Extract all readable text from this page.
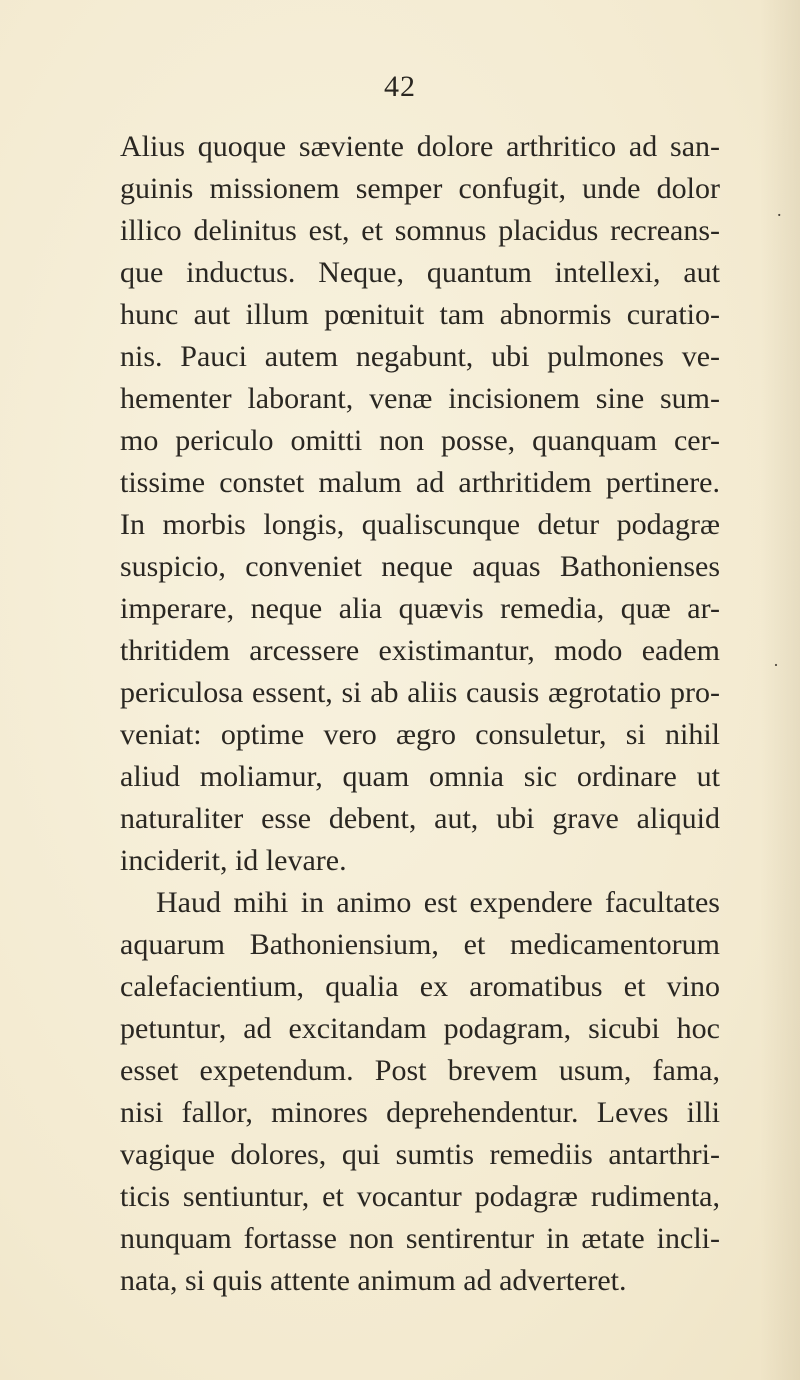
42
.
·
Alius quoque sæviente dolore arthritico ad san-
guinis missionem semper confugit, unde dolor
illico delinitus est, et somnus placidus recreans-
que inductus. Neque, quantum intellexi, aut
hunc aut illum pœnituit tam abnormis curatio-
nis. Pauci autem negabunt, ubi pulmones ve-
hementer laborant, venæ incisionem sine sum-
mo periculo omitti non posse, quanquam cer-
tissime constet malum ad arthritidem pertinere.
In morbis longis, qualiscunque detur podagræ
suspicio, conveniet neque aquas Bathonienses
imperare, neque alia quævis remedia, quæ ar-
thritidem arcessere existimantur, modo eadem
periculosa essent, si ab aliis causis ægrotatio pro-
veniat: optime vero ægro consuletur, si nihil
aliud moliamur, quam omnia sic ordinare ut
naturaliter esse debent, aut, ubi grave aliquid
inciderit, id levare.
Haud mihi in animo est expendere facultates
aquarum Bathoniensium, et medicamentorum
calefacientium, qualia ex aromatibus et vino
petuntur, ad excitandam podagram, sicubi hoc
esset expetendum. Post brevem usum, fama,
nisi fallor, minores deprehendentur. Leves illi
vagique dolores, qui sumtis remediis antarthri-
ticis sentiuntur, et vocantur podagræ rudimenta,
nunquam fortasse non sentirentur in ætate incli-
nata, si quis attente animum ad adverteret.
